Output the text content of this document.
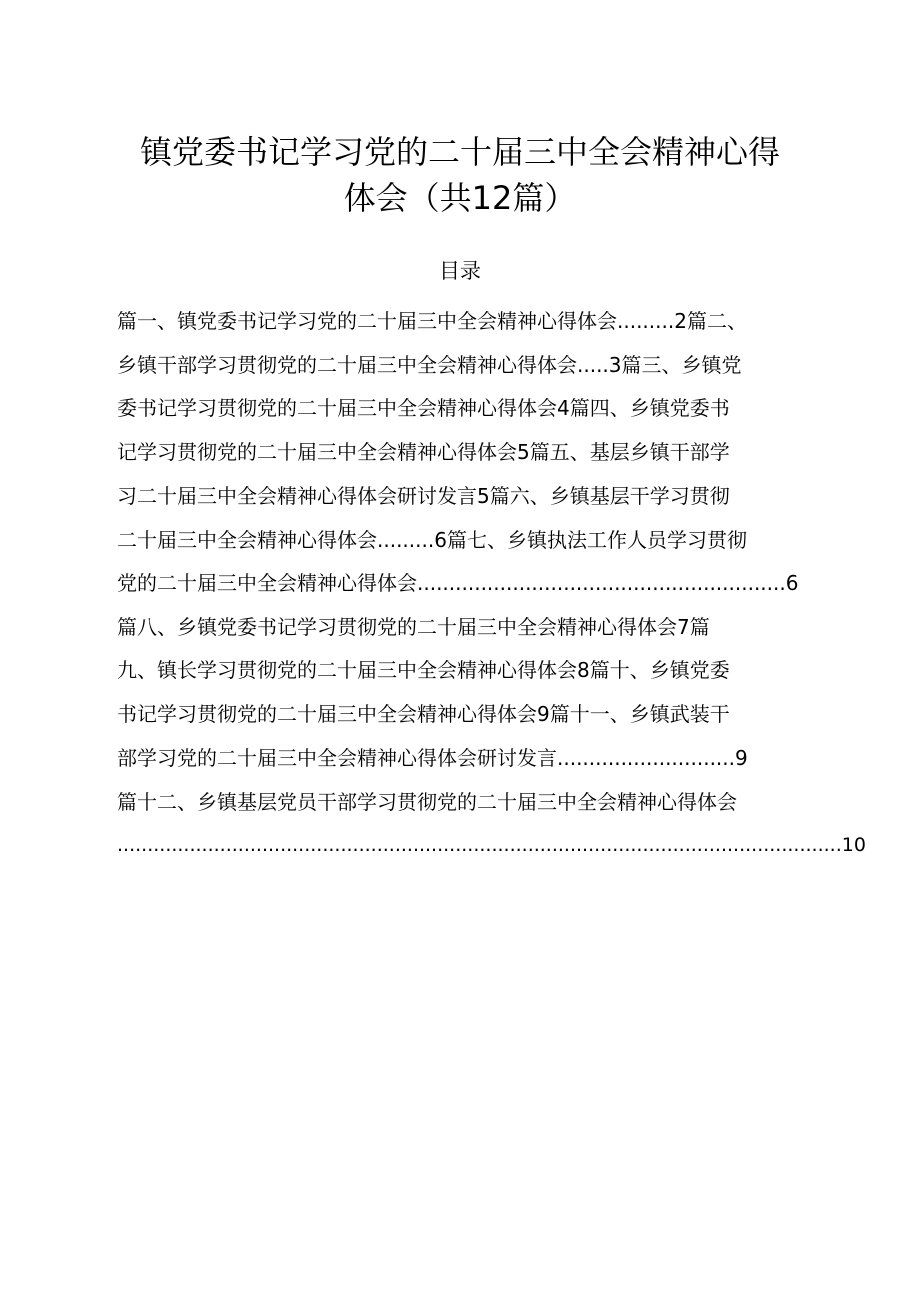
镇党委书记学习党的二十届三中全会精神心得
体会（共12篇）
目录
篇一、镇党委书记学习党的二十届三中全会精神心得体会.........2篇二、
乡镇干部学习贯彻党的二十届三中全会精神心得体会.....3篇三、乡镇党
委书记学习贯彻党的二十届三中全会精神心得体会4篇四、乡镇党委书
记学习贯彻党的二十届三中全会精神心得体会5篇五、基层乡镇干部学
习二十届三中全会精神心得体会研讨发言5篇六、乡镇基层干学习贯彻
二十届三中全会精神心得体会.........6篇七、乡镇执法工作人员学习贯彻
党的二十届三中全会精神心得体会..........................................................6
篇八、乡镇党委书记学习贯彻党的二十届三中全会精神心得体会7篇
九、镇长学习贯彻党的二十届三中全会精神心得体会8篇十、乡镇党委
书记学习贯彻党的二十届三中全会精神心得体会9篇十一、乡镇武装干
部学习党的二十届三中全会精神心得体会研讨发言............................9
篇十二、乡镇基层党员干部学习贯彻党的二十届三中全会精神心得体会
........................................................................................................................10
